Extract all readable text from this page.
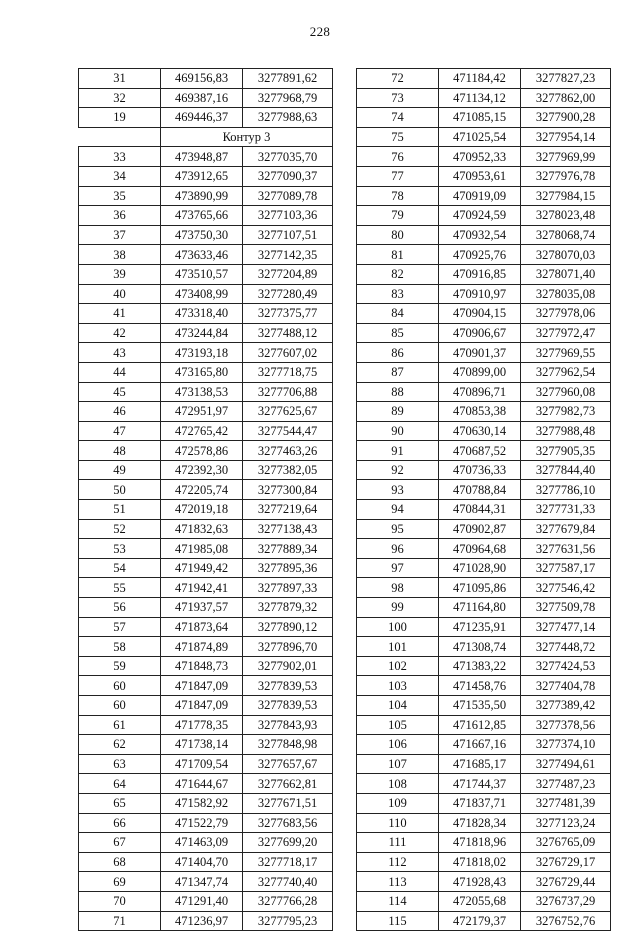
228
31	469156,83	3277891,62
32	469387,16	3277968,79
19	469446,37	3277988,63
	Контур 3	
33	473948,87	3277035,70
34	473912,65	3277090,37
35	473890,99	3277089,78
36	473765,66	3277103,36
37	473750,30	3277107,51
38	473633,46	3277142,35
39	473510,57	3277204,89
40	473408,99	3277280,49
41	473318,40	3277375,77
42	473244,84	3277488,12
43	473193,18	3277607,02
44	473165,80	3277718,75
45	473138,53	3277706,88
46	472951,97	3277625,67
47	472765,42	3277544,47
48	472578,86	3277463,26
49	472392,30	3277382,05
50	472205,74	3277300,84
51	472019,18	3277219,64
52	471832,63	3277138,43
53	471985,08	3277889,34
54	471949,42	3277895,36
55	471942,41	3277897,33
56	471937,57	3277879,32
57	471873,64	3277890,12
58	471874,89	3277896,70
59	471848,73	3277902,01
60	471847,09	3277839,53
60	471847,09	3277839,53
61	471778,35	3277843,93
62	471738,14	3277848,98
63	471709,54	3277657,67
64	471644,67	3277662,81
65	471582,92	3277671,51
66	471522,79	3277683,56
67	471463,09	3277699,20
68	471404,70	3277718,17
69	471347,74	3277740,40
70	471291,40	3277766,28
71	471236,97	3277795,23
72	471184,42	3277827,23
73	471134,12	3277862,00
74	471085,15	3277900,28
75	471025,54	3277954,14
76	470952,33	3277969,99
77	470953,61	3277976,78
78	470919,09	3277984,15
79	470924,59	3278023,48
80	470932,54	3278068,74
81	470925,76	3278070,03
82	470916,85	3278071,40
83	470910,97	3278035,08
84	470904,15	3277978,06
85	470906,67	3277972,47
86	470901,37	3277969,55
87	470899,00	3277962,54
88	470896,71	3277960,08
89	470853,38	3277982,73
90	470630,14	3277988,48
91	470687,52	3277905,35
92	470736,33	3277844,40
93	470788,84	3277786,10
94	470844,31	3277731,33
95	470902,87	3277679,84
96	470964,68	3277631,56
97	471028,90	3277587,17
98	471095,86	3277546,42
99	471164,80	3277509,78
100	471235,91	3277477,14
101	471308,74	3277448,72
102	471383,22	3277424,53
103	471458,76	3277404,78
104	471535,50	3277389,42
105	471612,85	3277378,56
106	471667,16	3277374,10
107	471685,17	3277494,61
108	471744,37	3277487,23
109	471837,71	3277481,39
110	471828,34	3277123,24
111	471818,96	3276765,09
112	471818,02	3276729,17
113	471928,43	3276729,44
114	472055,68	3276737,29
115	472179,37	3276752,76
